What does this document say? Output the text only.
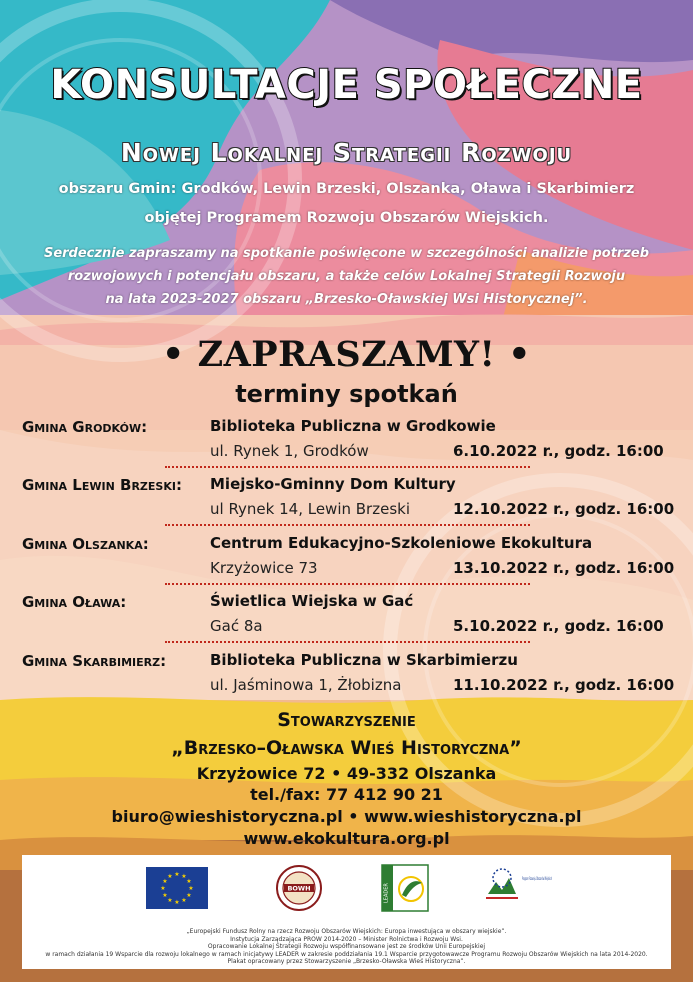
KONSULTACJE SPOŁECZNE
Nowej Lokalnej Strategii Rozwoju
obszaru Gmin: Grodków, Lewin Brzeski, Olszanka, Oława i Skarbimierz
objętej Programem Rozwoju Obszarów Wiejskich.
Serdecznie zapraszamy na spotkanie poświęcone w szczególności analizie potrzeb
rozwojowych i potencjału obszaru, a także celów Lokalnej Strategii Rozwoju
na lata 2023-2027 obszaru „Brzesko-Oławskiej Wsi Historycznej”.
• ZAPRASZAMY! •
terminy spotkań
Gmina Grodków:	Biblioteka Publiczna w Grodkowie
ul. Rynek 1, Grodków	6.10.2022 r., godz. 16:00
Gmina Lewin Brzeski: Miejsko-Gminny Dom Kultury
ul Rynek 14, Lewin Brzeski	12.10.2022 r., godz. 16:00
Gmina Olszanka:	Centrum Edukacyjno-Szkoleniowe Ekokultura
Krzyżowice 73	13.10.2022 r., godz. 16:00
Gmina Oława:	Świetlica Wiejska w Gać
Gać 8a	5.10.2022 r., godz. 16:00
Gmina Skarbimierz:	Biblioteka Publiczna w Skarbimierzu
ul. Jaśminowa 1, Żłobizna	11.10.2022 r., godz. 16:00
Stowarzyszenie
„Brzesko–Oławska Wieś Historyczna”
Krzyżowice 72 • 49-332 Olszanka
tel./fax: 77 412 90 21
biuro@wieshistoryczna.pl • www.wieshistoryczna.pl
www.ekokultura.org.pl
★ ★
★
★
★
★
★
★
★
★
★
★
BOWH	LEADER
Program Rozwoju Obszarów Wiejskich
„Europejski Fundusz Rolny na rzecz Rozwoju Obszarów Wiejskich: Europa inwestująca w obszary wiejskie”.
Instytucja Zarządzająca PROW 2014-2020 – Minister Rolnictwa i Rozwoju Wsi.
Opracowanie Lokalnej Strategii Rozwoju współfinansowane jest ze środków Unii Europejskiej
w ramach działania 19 Wsparcie dla rozwoju lokalnego w ramach inicjatywy LEADER w zakresie poddziałania 19.1 Wsparcie przygotowawcze Programu Rozwoju Obszarów Wiejskich na lata 2014-2020.
Plakat opracowany przez Stowarzyszenie „Brzesko-Oławska Wieś Historyczna”.
